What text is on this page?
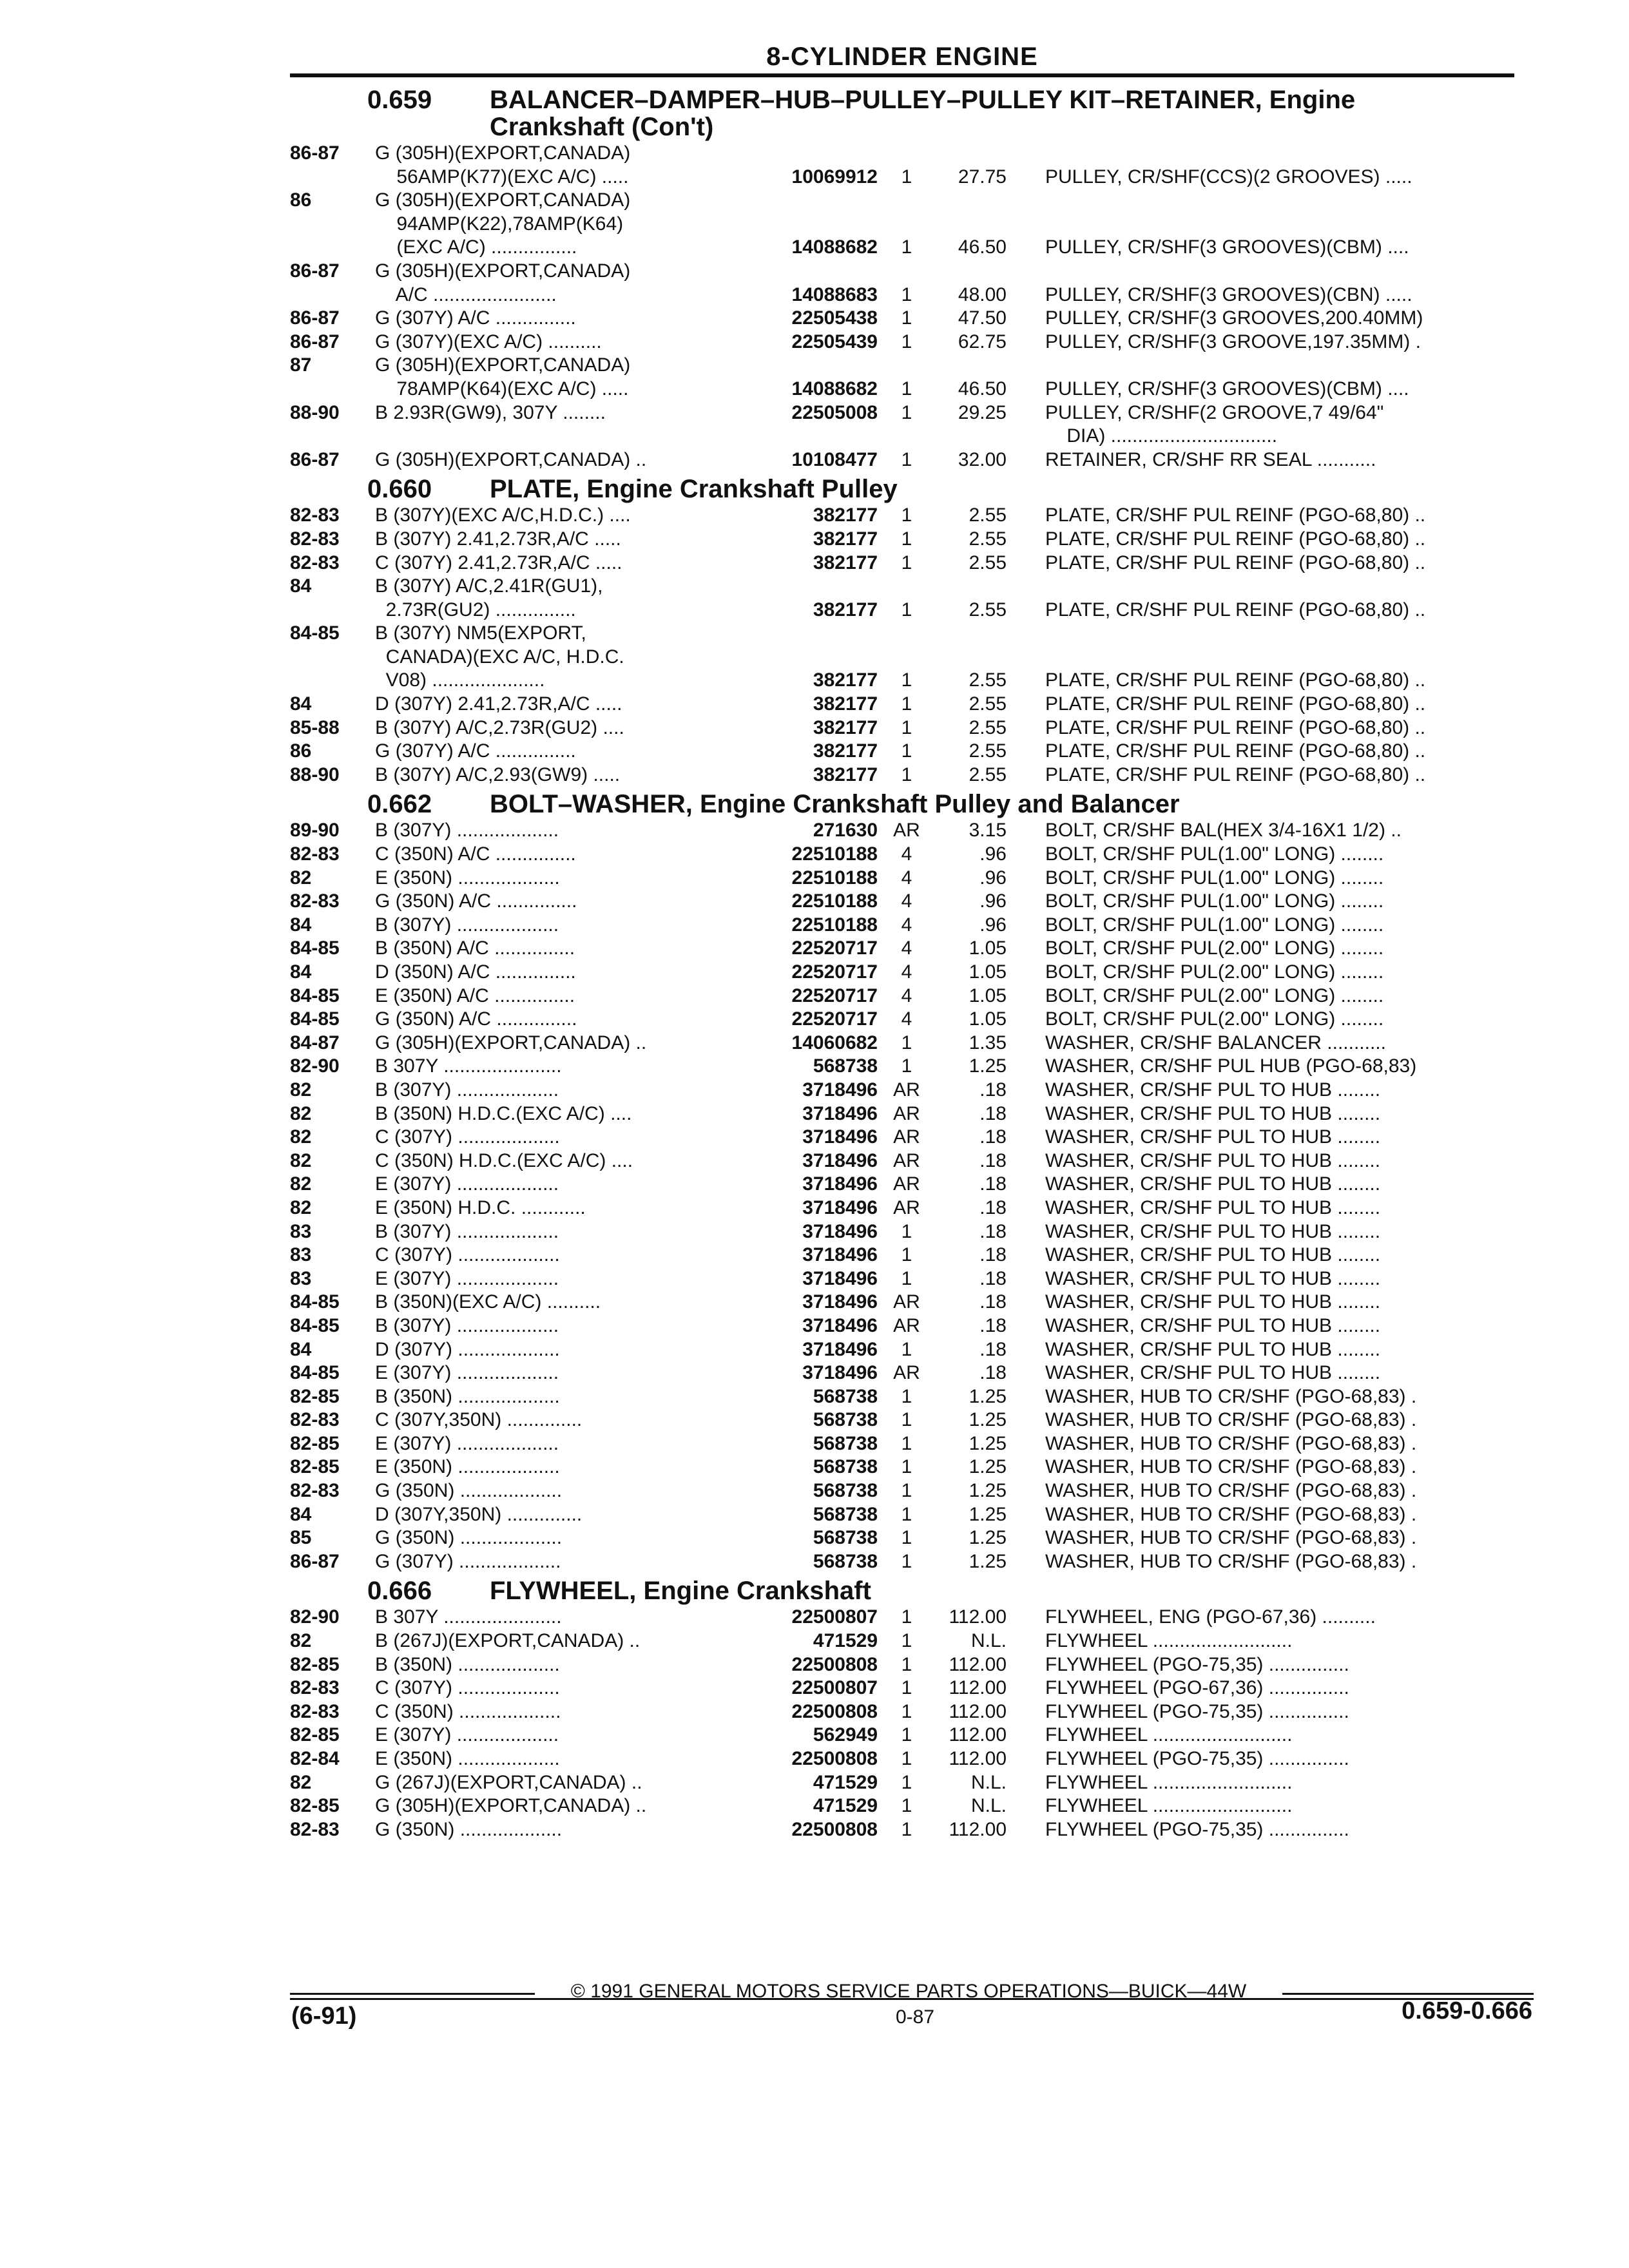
8-CYLINDER ENGINE
0.659	BALANCER–DAMPER–HUB–PULLEY–PULLEY KIT–RETAINER, Engine
Crankshaft (Con't)
86-87	G (305H)(EXPORT,CANADA)
56AMP(K77)(EXC A/C) .....	10069912	1	27.75 PULLEY, CR/SHF(CCS)(2 GROOVES) .....
86	G (305H)(EXPORT,CANADA)
94AMP(K22),78AMP(K64)
(EXC A/C) ................	14088682	1	46.50 PULLEY, CR/SHF(3 GROOVES)(CBM) ....
86-87	G (305H)(EXPORT,CANADA)
A/C .......................	14088683	1	48.00 PULLEY, CR/SHF(3 GROOVES)(CBN) .....
86-87	G (307Y) A/C ...............	22505438	1	47.50 PULLEY, CR/SHF(3 GROOVES,200.40MM)
86-87	G (307Y)(EXC A/C) ..........	22505439	1	62.75 PULLEY, CR/SHF(3 GROOVE,197.35MM) .
87	G (305H)(EXPORT,CANADA)
78AMP(K64)(EXC A/C) .....	14088682	1	46.50 PULLEY, CR/SHF(3 GROOVES)(CBM) ....
88-90	B 2.93R(GW9), 307Y ........	22505008	1	29.25 PULLEY, CR/SHF(2 GROOVE,7 49/64"
DIA) ...............................
86-87	G (305H)(EXPORT,CANADA) ..	10108477	1	32.00 RETAINER, CR/SHF RR SEAL ...........
0.660	PLATE, Engine Crankshaft Pulley
82-83	B (307Y)(EXC A/C,H.D.C.) ....	382177	1	2.55 PLATE, CR/SHF PUL REINF (PGO-68,80) ..
82-83	B (307Y) 2.41,2.73R,A/C .....	382177	1	2.55 PLATE, CR/SHF PUL REINF (PGO-68,80) ..
82-83	C (307Y) 2.41,2.73R,A/C .....	382177	1	2.55 PLATE, CR/SHF PUL REINF (PGO-68,80) ..
84	B (307Y) A/C,2.41R(GU1),
2.73R(GU2) ...............	382177	1	2.55 PLATE, CR/SHF PUL REINF (PGO-68,80) ..
84-85	B (307Y) NM5(EXPORT,
CANADA)(EXC A/C, H.D.C.
V08) .....................	382177	1	2.55 PLATE, CR/SHF PUL REINF (PGO-68,80) ..
84	D (307Y) 2.41,2.73R,A/C .....	382177	1	2.55 PLATE, CR/SHF PUL REINF (PGO-68,80) ..
85-88	B (307Y) A/C,2.73R(GU2) ....	382177	1	2.55 PLATE, CR/SHF PUL REINF (PGO-68,80) ..
86	G (307Y) A/C ...............	382177	1	2.55 PLATE, CR/SHF PUL REINF (PGO-68,80) ..
88-90	B (307Y) A/C,2.93(GW9) .....	382177	1	2.55 PLATE, CR/SHF PUL REINF (PGO-68,80) ..
0.662	BOLT–WASHER, Engine Crankshaft Pulley and Balancer
89-90	B (307Y) ...................	271630 AR	3.15 BOLT, CR/SHF BAL(HEX 3/4-16X1 1/2) ..
82-83	C (350N) A/C ...............	22510188	4	.96 BOLT, CR/SHF PUL(1.00" LONG) ........
82	E (350N) ...................	22510188	4	.96 BOLT, CR/SHF PUL(1.00" LONG) ........
82-83	G (350N) A/C ...............	22510188	4	.96 BOLT, CR/SHF PUL(1.00" LONG) ........
84	B (307Y) ...................	22510188	4	.96 BOLT, CR/SHF PUL(1.00" LONG) ........
84-85	B (350N) A/C ...............	22520717	4	1.05 BOLT, CR/SHF PUL(2.00" LONG) ........
84	D (350N) A/C ...............	22520717	4	1.05 BOLT, CR/SHF PUL(2.00" LONG) ........
84-85	E (350N) A/C ...............	22520717	4	1.05 BOLT, CR/SHF PUL(2.00" LONG) ........
84-85	G (350N) A/C ...............	22520717	4	1.05 BOLT, CR/SHF PUL(2.00" LONG) ........
84-87	G (305H)(EXPORT,CANADA) ..	14060682	1	1.35 WASHER, CR/SHF BALANCER ...........
82-90	B 307Y ......................	568738	1	1.25 WASHER, CR/SHF PUL HUB (PGO-68,83)
82	B (307Y) ...................	3718496 AR	.18 WASHER, CR/SHF PUL TO HUB ........
82	B (350N) H.D.C.(EXC A/C) ....	3718496 AR	.18 WASHER, CR/SHF PUL TO HUB ........
82	C (307Y) ...................	3718496 AR	.18 WASHER, CR/SHF PUL TO HUB ........
82	C (350N) H.D.C.(EXC A/C) ....	3718496 AR	.18 WASHER, CR/SHF PUL TO HUB ........
82	E (307Y) ...................	3718496 AR	.18 WASHER, CR/SHF PUL TO HUB ........
82	E (350N) H.D.C. ............	3718496 AR	.18 WASHER, CR/SHF PUL TO HUB ........
83	B (307Y) ...................	3718496	1	.18 WASHER, CR/SHF PUL TO HUB ........
83	C (307Y) ...................	3718496	1	.18 WASHER, CR/SHF PUL TO HUB ........
83	E (307Y) ...................	3718496	1	.18 WASHER, CR/SHF PUL TO HUB ........
84-85	B (350N)(EXC A/C) ..........	3718496 AR	.18 WASHER, CR/SHF PUL TO HUB ........
84-85	B (307Y) ...................	3718496 AR	.18 WASHER, CR/SHF PUL TO HUB ........
84	D (307Y) ...................	3718496	1	.18 WASHER, CR/SHF PUL TO HUB ........
84-85	E (307Y) ...................	3718496 AR	.18 WASHER, CR/SHF PUL TO HUB ........
82-85	B (350N) ...................	568738	1	1.25 WASHER, HUB TO CR/SHF (PGO-68,83) .
82-83	C (307Y,350N) ..............	568738	1	1.25 WASHER, HUB TO CR/SHF (PGO-68,83) .
82-85	E (307Y) ...................	568738	1	1.25 WASHER, HUB TO CR/SHF (PGO-68,83) .
82-85	E (350N) ...................	568738	1	1.25 WASHER, HUB TO CR/SHF (PGO-68,83) .
82-83	G (350N) ...................	568738	1	1.25 WASHER, HUB TO CR/SHF (PGO-68,83) .
84	D (307Y,350N) ..............	568738	1	1.25 WASHER, HUB TO CR/SHF (PGO-68,83) .
85	G (350N) ...................	568738	1	1.25 WASHER, HUB TO CR/SHF (PGO-68,83) .
86-87	G (307Y) ...................	568738	1	1.25 WASHER, HUB TO CR/SHF (PGO-68,83) .
0.666	FLYWHEEL, Engine Crankshaft
82-90	B 307Y ......................	22500807	1	112.00 FLYWHEEL, ENG (PGO-67,36) ..........
82	B (267J)(EXPORT,CANADA) ..	471529	1	N.L. FLYWHEEL ..........................
82-85	B (350N) ...................	22500808	1	112.00 FLYWHEEL (PGO-75,35) ...............
82-83	C (307Y) ...................	22500807	1	112.00 FLYWHEEL (PGO-67,36) ...............
82-83	C (350N) ...................	22500808	1	112.00 FLYWHEEL (PGO-75,35) ...............
82-85	E (307Y) ...................	562949	1	112.00 FLYWHEEL ..........................
82-84	E (350N) ...................	22500808	1	112.00 FLYWHEEL (PGO-75,35) ...............
82	G (267J)(EXPORT,CANADA) ..	471529	1	N.L. FLYWHEEL ..........................
82-85	G (305H)(EXPORT,CANADA) ..	471529	1	N.L. FLYWHEEL ..........................
82-83	G (350N) ...................	22500808	1	112.00 FLYWHEEL (PGO-75,35) ...............
© 1991 GENERAL MOTORS SERVICE PARTS OPERATIONS—BUICK—44W
(6-91)	0-87	0.659-0.666
